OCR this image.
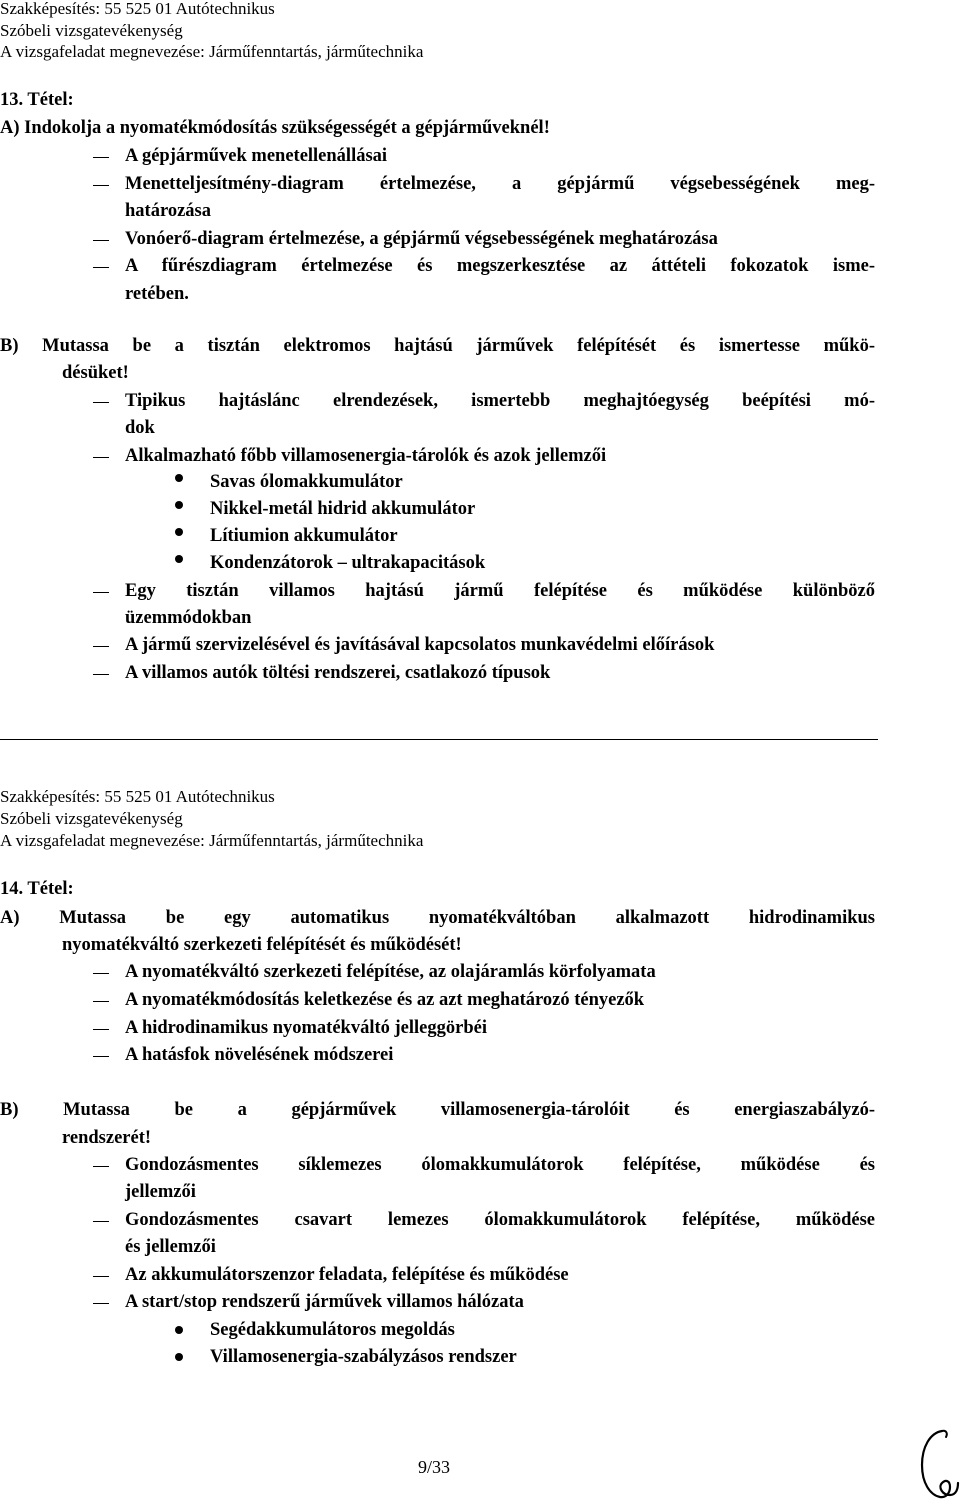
Szakképesítés: 55 525 01 Autótechnikus
Szóbeli vizsgatevékenység
A vizsgafeladat megnevezése: Járműfenntartás, járműtechnika
13. Tétel:
A) Indokolja a nyomatékmódosítás szükségességét a gépjárműveknél!
A gépjárművek menetellenállásai
Menetteljesítmény-diagram értelmezése, a gépjármű végsebességének meg-
határozása
Vonóerő-diagram értelmezése, a gépjármű végsebességének meghatározása
A fűrészdiagram értelmezése és megszerkesztése az áttételi fokozatok isme-
retében.
B) Mutassa be a tisztán elektromos hajtású járművek felépítését és ismertesse műkö-
désüket!
Tipikus hajtáslánc elrendezések, ismertebb meghajtóegység beépítési mó-
dok
Alkalmazható főbb villamosenergia-tárolók és azok jellemzői
Savas ólomakkumulátor
Nikkel-metál hidrid akkumulátor
Lítiumion akkumulátor
Kondenzátorok – ultrakapacitások
Egy tisztán villamos hajtású jármű felépítése és működése különböző
üzemmódokban
A jármű szervizelésével és javításával kapcsolatos munkavédelmi előírások
A villamos autók töltési rendszerei, csatlakozó típusok
Szakképesítés: 55 525 01 Autótechnikus
Szóbeli vizsgatevékenység
A vizsgafeladat megnevezése: Járműfenntartás, járműtechnika
14. Tétel:
A) Mutassa be egy automatikus nyomatékváltóban alkalmazott hidrodinamikus
nyomatékváltó szerkezeti felépítését és működését!
A nyomatékváltó szerkezeti felépítése, az olajáramlás körfolyamata
A nyomatékmódosítás keletkezése és az azt meghatározó tényezők
A hidrodinamikus nyomatékváltó jelleggörbéi
A hatásfok növelésének módszerei
B) Mutassa be a gépjárművek villamosenergia-tárolóit és energiaszabályzó-
rendszerét!
Gondozásmentes síklemezes ólomakkumulátorok felépítése, működése és
jellemzői
Gondozásmentes csavart lemezes ólomakkumulátorok felépítése, működése
és jellemzői
Az akkumulátorszenzor feladata, felépítése és működése
A start/stop rendszerű járművek villamos hálózata
Segédakkumulátoros megoldás
Villamosenergia-szabályzásos rendszer
9/33
